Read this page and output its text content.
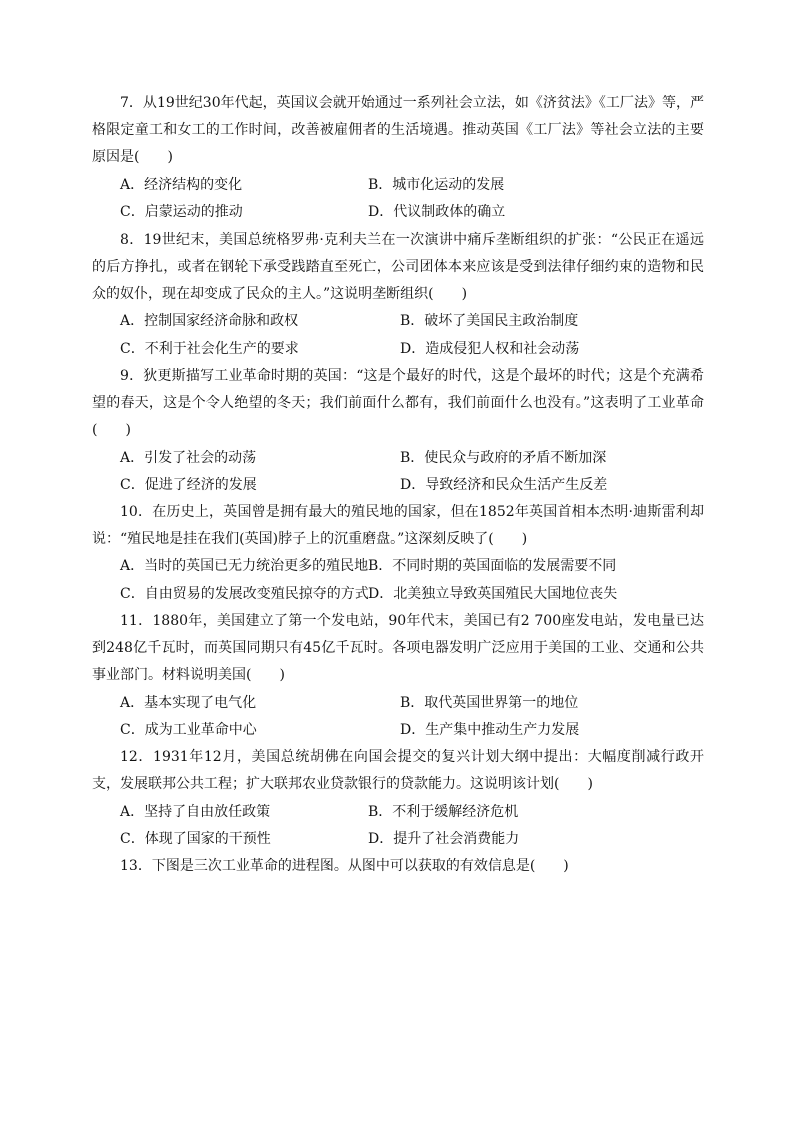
7．从19世纪30年代起，英国议会就开始通过一系列社会立法，如《济贫法》《工厂法》等，严格限定童工和女工的工作时间，改善被雇佣者的生活境遇。推动英国《工厂法》等社会立法的主要原因是(　　)
A．经济结构的变化	B．城市化运动的发展
C．启蒙运动的推动	D．代议制政体的确立
8．19世纪末，美国总统格罗弗·克利夫兰在一次演讲中痛斥垄断组织的扩张：“公民正在遥远的后方挣扎，或者在钢轮下承受践踏直至死亡，公司团体本来应该是受到法律仔细约束的造物和民众的奴仆，现在却变成了民众的主人。”这说明垄断组织(　　)
A．控制国家经济命脉和政权	B．破坏了美国民主政治制度
C．不利于社会化生产的要求	D．造成侵犯人权和社会动荡
9．狄更斯描写工业革命时期的英国：“这是个最好的时代，这是个最坏的时代；这是个充满希望的春天，这是个令人绝望的冬天；我们前面什么都有，我们前面什么也没有。”这表明了工业革命(　　)
A．引发了社会的动荡	B．使民众与政府的矛盾不断加深
C．促进了经济的发展	D．导致经济和民众生活产生反差
10．在历史上，英国曾是拥有最大的殖民地的国家，但在1852年英国首相本杰明·迪斯雷利却说：“殖民地是挂在我们(英国)脖子上的沉重磨盘。”这深刻反映了(　　)
A．当时的英国已无力统治更多的殖民地 B．不同时期的英国面临的发展需要不同
C．自由贸易的发展改变殖民掠夺的方式 D．北美独立导致英国殖民大国地位丧失
11．1880年，美国建立了第一个发电站，90年代末，美国已有2 700座发电站，发电量已达到248亿千瓦时，而英国同期只有45亿千瓦时。各项电器发明广泛应用于美国的工业、交通和公共事业部门。材料说明美国(　　)
A．基本实现了电气化	B．取代英国世界第一的地位
C．成为工业革命中心	D．生产集中推动生产力发展
12．1931年12月，美国总统胡佛在向国会提交的复兴计划大纲中提出：大幅度削减行政开支，发展联邦公共工程；扩大联邦农业贷款银行的贷款能力。这说明该计划(　　)
A．坚持了自由放任政策	B．不利于缓解经济危机
C．体现了国家的干预性	D．提升了社会消费能力
13．下图是三次工业革命的进程图。从图中可以获取的有效信息是(　　)
